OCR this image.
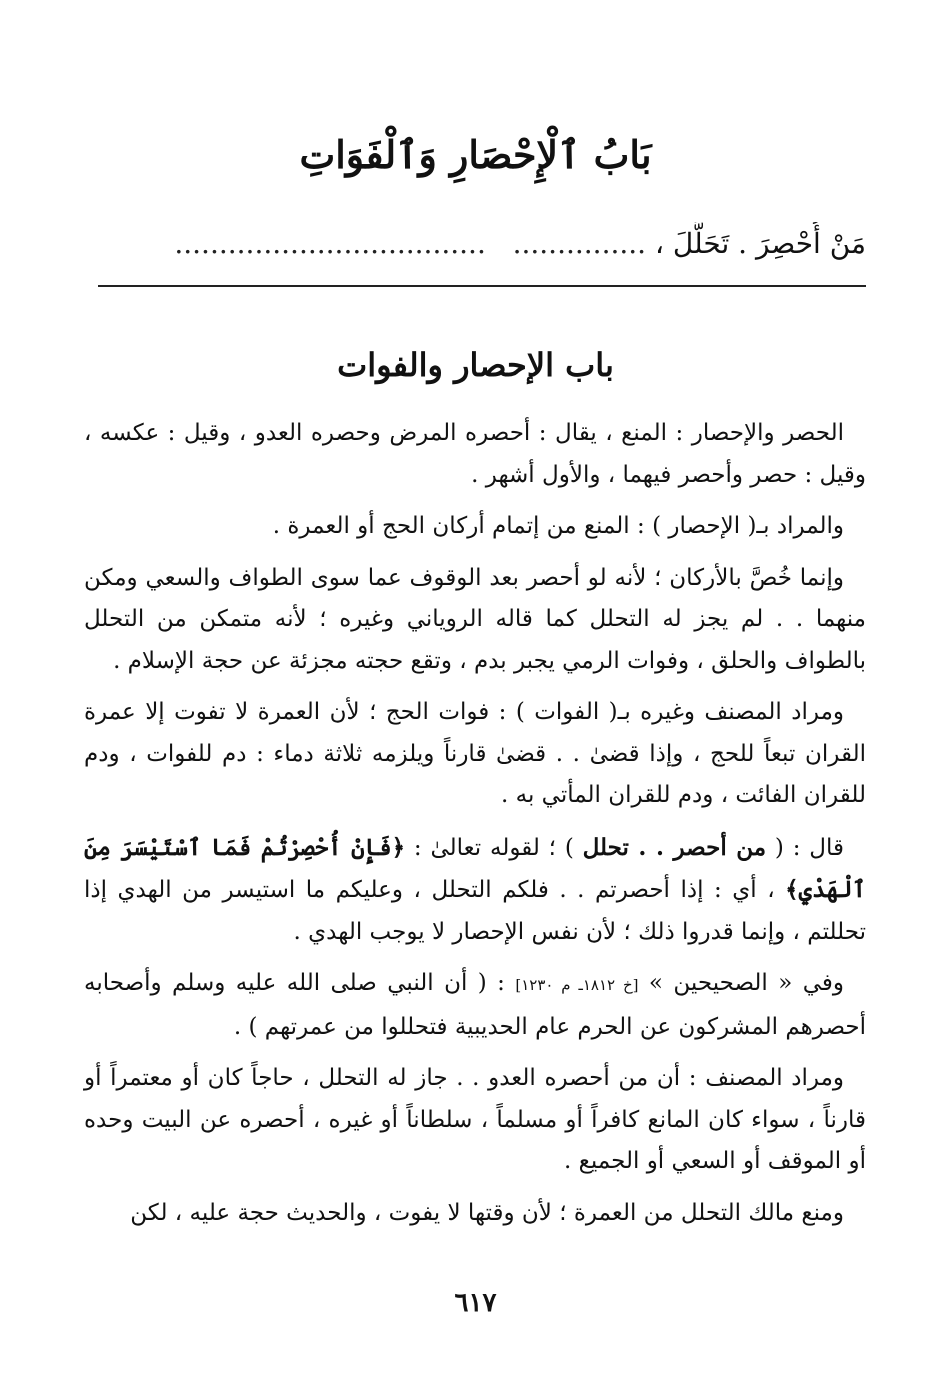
بَابُ ٱلْإِحْصَارِ وَٱلْفَوَاتِ
مَنْ أُحْصِرَ . تَحَلَّلَ ، ...............   ...................................
باب الإحصار والفوات

الحصر والإحصار : المنع ، يقال : أحصره المرض وحصره العدو ، وقيل : عكسه ، وقيل : حصر وأحصر فيهما ، والأول أشهر .

والمراد بـ( الإحصار ) : المنع من إتمام أركان الحج أو العمرة .

وإنما خُصَّ بالأركان ؛ لأنه لو أحصر بعد الوقوف عما سوى الطواف والسعي ومكن منهما . . لم يجز له التحلل كما قاله الروياني وغيره ؛ لأنه متمكن من التحلل بالطواف والحلق ، وفوات الرمي يجبر بدم ، وتقع حجته مجزئة عن حجة الإسلام .

ومراد المصنف وغيره بـ( الفوات ) : فوات الحج ؛ لأن العمرة لا تفوت إلا عمرة القران تبعاً للحج ، وإذا قضىٰ . . قضىٰ قارناً ويلزمه ثلاثة دماء : دم للفوات ، ودم للقران الفائت ، ودم للقران المأتي به .

قال : ( من أحصر . . تحلل ) ؛ لقوله تعالىٰ : ﴿فَإِنْ أُحْصِرْتُمْ فَمَا ٱسْتَيْسَرَ مِنَ ٱلْهَدْيِ﴾ ، أي : إذا أحصرتم . . فلكم التحلل ، وعليكم ما استيسر من الهدي إذا تحللتم ، وإنما قدروا ذلك ؛ لأن نفس الإحصار لا يوجب الهدي .

وفي « الصحيحين » [خ ١٨١٢ـ م ١٢٣٠] : ( أن النبي صلى الله عليه وسلم وأصحابه أحصرهم المشركون عن الحرم عام الحديبية فتحللوا من عمرتهم ) .

ومراد المصنف : أن من أحصره العدو . . جاز له التحلل ، حاجاً كان أو معتمراً أو قارناً ، سواء كان المانع كافراً أو مسلماً ، سلطاناً أو غيره ، أحصره عن البيت وحده أو الموقف أو السعي أو الجميع .

ومنع مالك التحلل من العمرة ؛ لأن وقتها لا يفوت ، والحديث حجة عليه ، لكن

٦١٧
